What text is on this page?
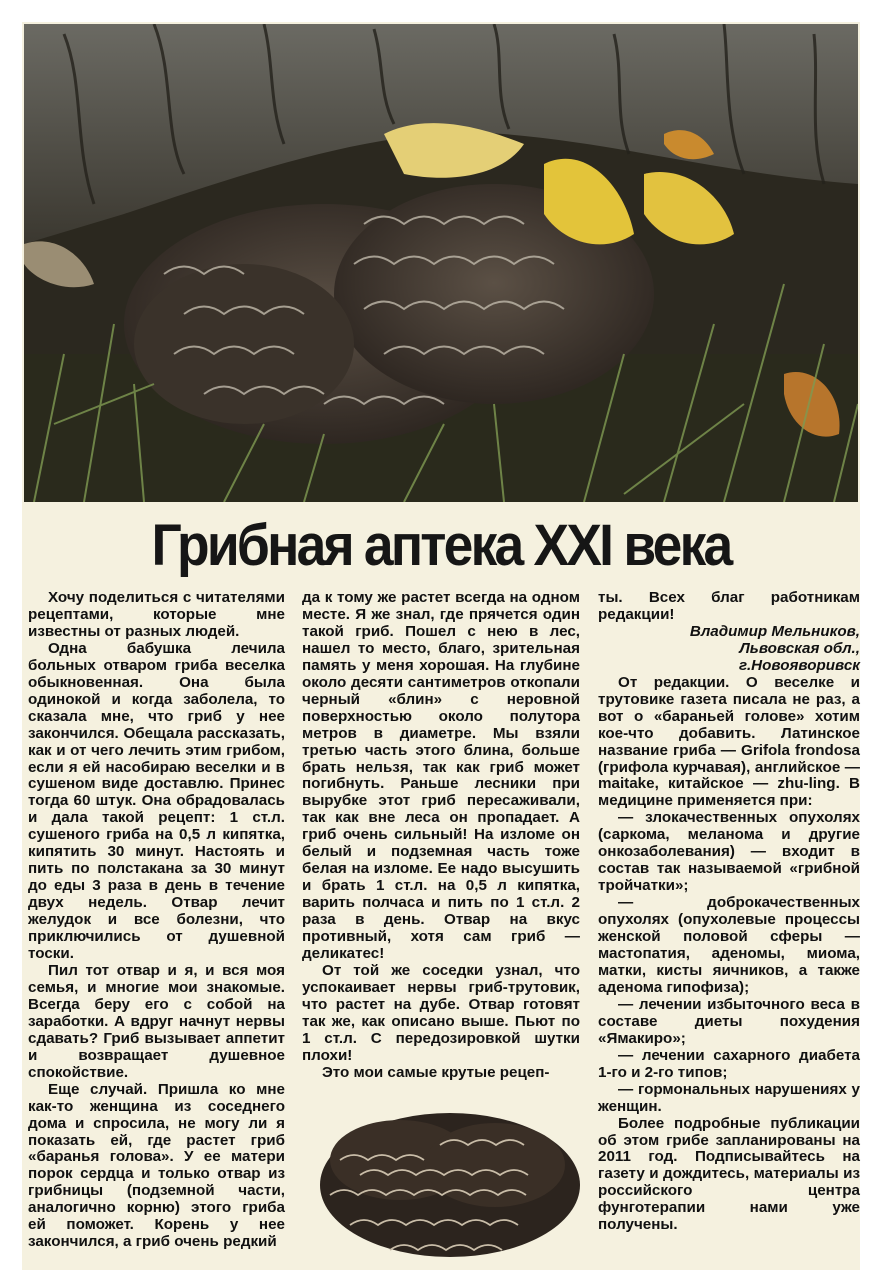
Грибная аптека XXI века

Хочу поделиться с читателями рецептами, которые мне известны от разных людей.

Одна бабушка лечила больных отваром гриба веселка обыкновенная. Она была одинокой и когда заболела, то сказала мне, что гриб у нее закончился. Обещала рассказать, как и от чего лечить этим грибом, если я ей насобираю веселки и в сушеном виде доставлю. Принес тогда 60 штук. Она обрадовалась и дала такой рецепт: 1 ст.л. сушеного гриба на 0,5 л кипятка, кипятить 30 минут. Настоять и пить по полстакана за 30 минут до еды 3 раза в день в течение двух недель. Отвар лечит желудок и все болезни, что приключились от душевной тоски.

Пил тот отвар и я, и вся моя семья, и многие мои знакомые. Всегда беру его с собой на заработки. А вдруг начнут нервы сдавать? Гриб вызывает аппетит и возвращает душевное спокойствие.

Еще случай. Пришла ко мне как-то женщина из соседнего дома и спросила, не могу ли я показать ей, где растет гриб «баранья голова». У ее матери порок сердца и только отвар из грибницы (подземной части, аналогично корню) этого гриба ей поможет. Корень у нее закончился, а гриб очень редкий

да к тому же растет всегда на одном месте. Я же знал, где прячется один такой гриб. Пошел с нею в лес, нашел то место, благо, зрительная память у меня хорошая. На глубине около десяти сантиметров откопали черный «блин» с неровной поверхностью около полутора метров в диаметре. Мы взяли третью часть этого блина, больше брать нельзя, так как гриб может погибнуть. Раньше лесники при вырубке этот гриб пересаживали, так как вне леса он пропадает. А гриб очень сильный! На изломе он белый и подземная часть тоже белая на изломе. Ее надо высушить и брать 1 ст.л. на 0,5 л кипятка, варить полчаса и пить по 1 ст.л. 2 раза в день. Отвар на вкус противный, хотя сам гриб — деликатес!

От той же соседки узнал, что успокаивает нервы гриб-трутовик, что растет на дубе. Отвар готовят так же, как описано выше. Пьют по 1 ст.л. С передозировкой шутки плохи!

Это мои самые крутые рецеп-

ты. Всех благ работникам редакции!

Владимир Мельников,
Львовская обл.,
г.Новояворивск

От редакции. О веселке и трутовике газета писала не раз, а вот о «бараньей голове» хотим кое-что добавить. Латинское название гриба — Grifola frondosa (грифола курчавая), английское — maitake, китайское — zhu-ling. В медицине применяется при:

— злокачественных опухолях (саркома, меланома и другие онкозаболевания) — входит в состав так называемой «грибной тройчатки»;

— доброкачественных опухолях (опухолевые процессы женской половой сферы — мастопатия, аденомы, миома, матки, кисты яичников, а также аденома гипофиза);

— лечении избыточного веса в составе диеты похудения «Ямакиро»;

— лечении сахарного диабета 1-го и 2-го типов;

— гормональных нарушениях у женщин.

Более подробные публикации об этом грибе запланированы на 2011 год. Подписывайтесь на газету и дождитесь, материалы из российского центра фунготерапии нами уже получены.
